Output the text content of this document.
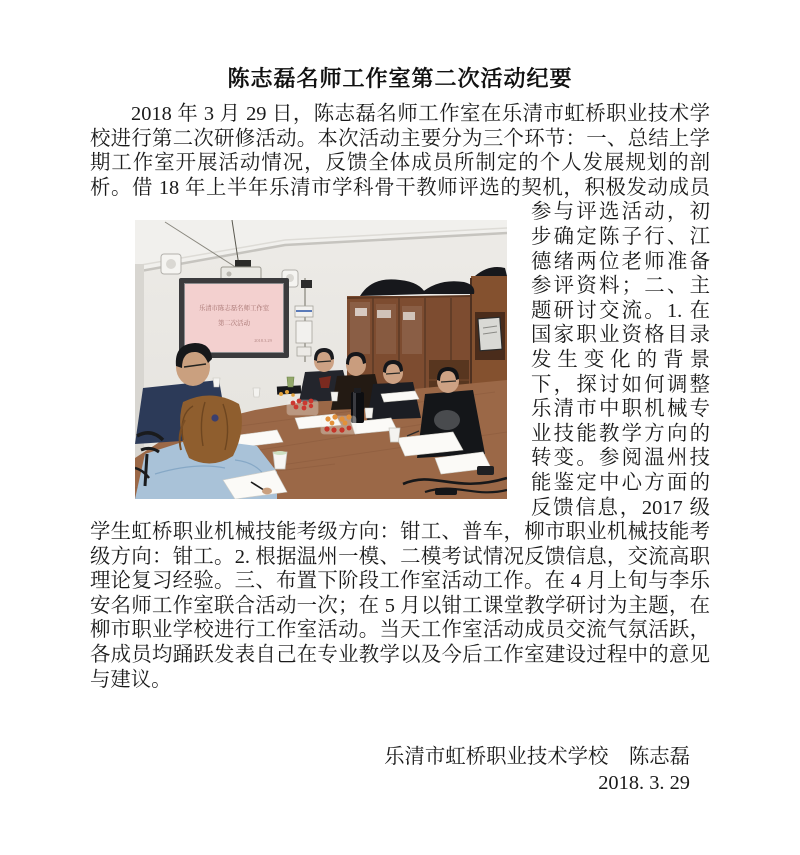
陈志磊名师工作室第二次活动纪要

2018 年 3 月 29 日，陈志磊名师工作室在乐清市虹桥职业技术学校进行第二次研修活动。本次活动主要分为三个环节：一、总结上学期工作室开展活动情况，反馈全体成员所制定的个人发展规划的剖析。借 18 年上半年乐清市学科骨干教师评选的契机，积极发动成员
乐清市陈志磊名师工作室
第二次活动
2018.3.29
参与评选活动，初步确定陈子行、江德绪两位老师准备参评资料；二、主题研讨交流。1. 在国家职业资格目录发生变化的背景下，探讨如何调整乐清市中职机械专业技能教学方向的转变。参阅温州技能鉴定中心方面的反馈信息，2017 级学生虹桥职业机械技能考级方向：钳工、普车，柳市职业机械技能考级方向：钳工。2. 根据温州一模、二模考试情况反馈信息，交流高职理论复习经验。三、布置下阶段工作室活动工作。在 4 月上旬与李乐安名师工作室联合活动一次；在 5 月以钳工课堂教学研讨为主题，在柳市职业学校进行工作室活动。当天工作室活动成员交流气氛活跃，各成员均踊跃发表自己在专业教学以及今后工作室建设过程中的意见与建议。

乐清市虹桥职业技术学校　陈志磊
2018. 3. 29
